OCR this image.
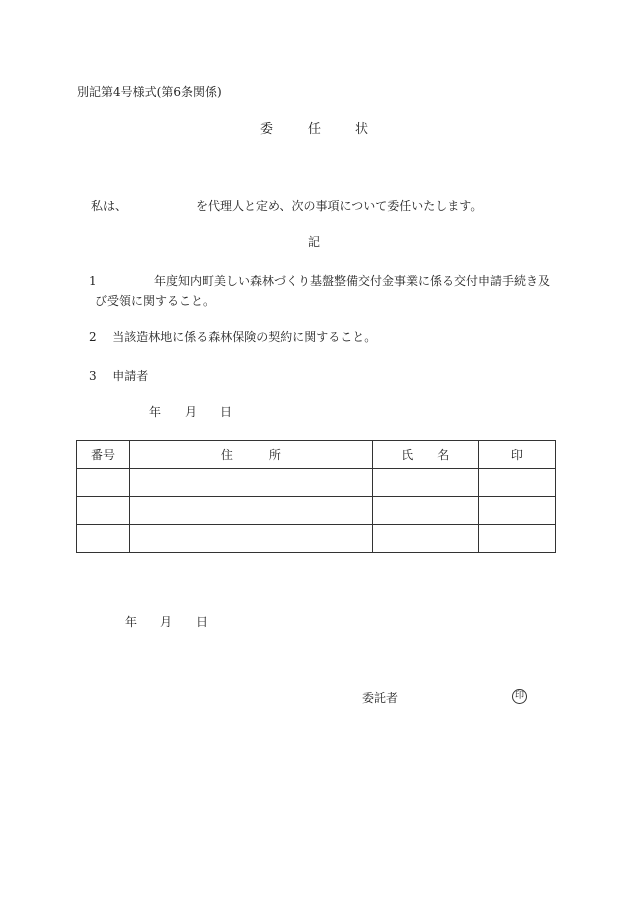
別記第4号様式(第6条関係)
委	任	状
私は、	を代理人と定め、次の事項について委任いたします。
記
1	年度知内町美しい森林づくり基盤整備交付金事業に係る交付申請手続き及
び受領に関すること。
2 当該造林地に係る森林保険の契約に関すること。
3 申請者
年 月 日
番号	住　　　所	氏　　名	印

年 月 日
委託者	印
